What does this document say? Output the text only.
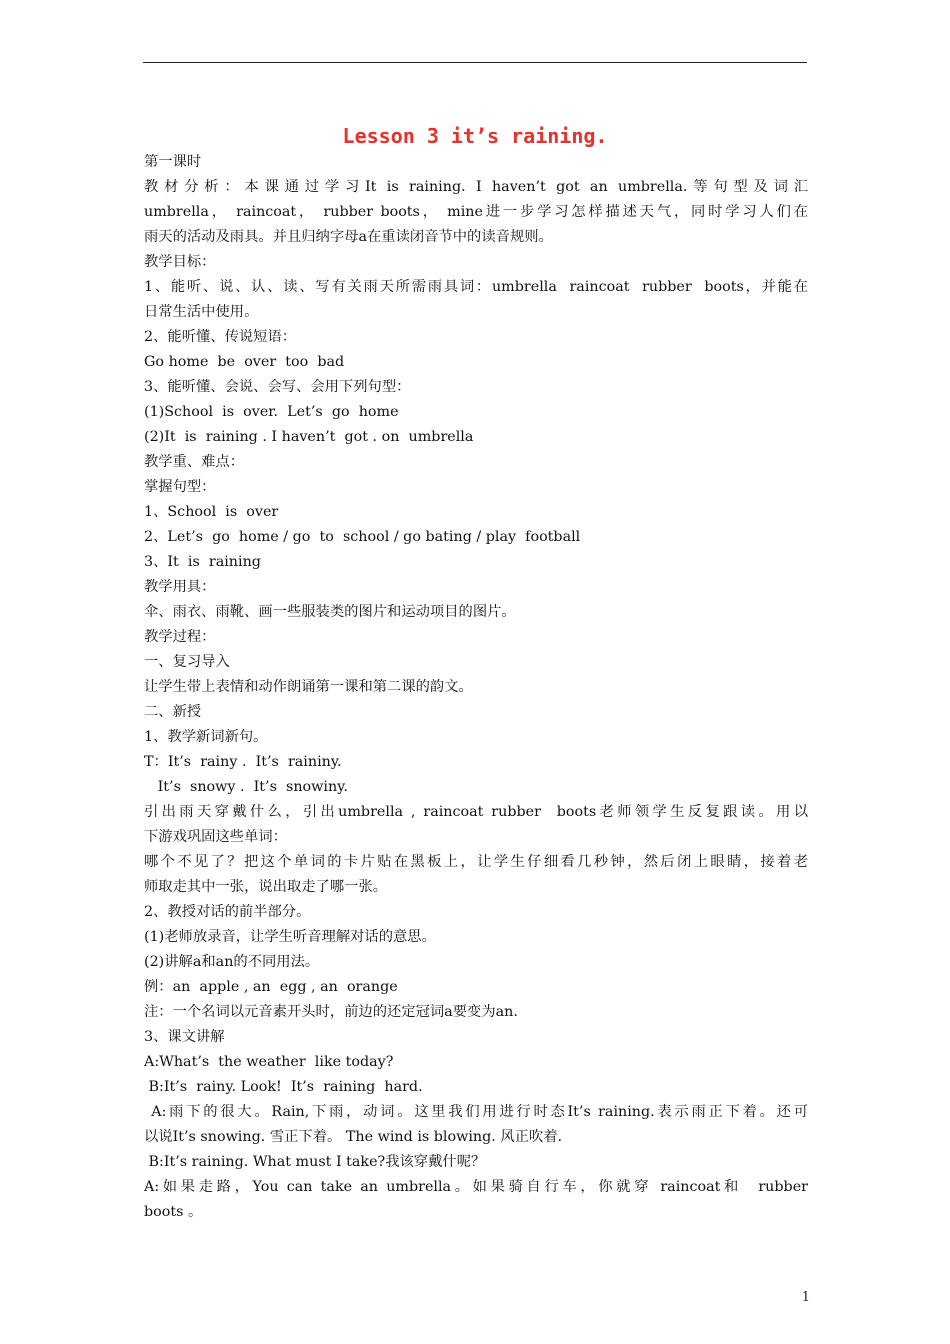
Lesson 3 it’s raining.
第一课时
教材分析：本课通过学习It is raining. I haven’t got an umbrella.等句型及词汇
umbrella， raincoat， rubber boots， mine进一步学习怎样描述天气，同时学习人们在
雨天的活动及雨具。并且归纳字母a在重读闭音节中的读音规则。
教学目标：
1、能听、说、认、读、写有关雨天所需雨具词：umbrella  raincoat  rubber  boots，并能在
日常生活中使用。
2、能听懂、传说短语：
Go home  be  over  too  bad
3、能听懂、会说、会写、会用下列句型：
(1)School  is  over.  Let’s  go  home
(2)It  is  raining . I haven’t  got . on  umbrella
教学重、难点：
掌握句型：
1、School  is  over
2、Let’s  go  home / go  to  school / go bating / play  football
3、It  is  raining
教学用具：
伞、雨衣、雨靴、画一些服装类的图片和运动项目的图片。
教学过程：
一、复习导入
让学生带上表情和动作朗诵第一课和第二课的韵文。
二、新授
1、教学新词新句。
T：It’s  rainy .  It’s  raininy.
It’s  snowy .  It’s  snowiny.
引出雨天穿戴什么，引出umbrella , raincoat rubber  boots老师领学生反复跟读。用以
下游戏巩固这些单词：
哪个不见了？把这个单词的卡片贴在黑板上，让学生仔细看几秒钟，然后闭上眼睛，接着老
师取走其中一张，说出取走了哪一张。
2、教授对话的前半部分。
(1)老师放录音，让学生听音理解对话的意思。
(2)讲解a和an的不同用法。
例：an  apple , an  egg , an  orange
注：一个名词以元音素开头时，前边的还定冠词a要变为an.
3、课文讲解
A:What’s  the weather  like today?
B:It’s  rainy. Look!  It’s  raining  hard.
A:雨下的很大。Rain,下雨，动词。这里我们用进行时态It’s raining.表示雨正下着。还可
以说It’s snowing. 雪正下着。 The wind is blowing. 风正吹着.
B:It’s raining. What must I take?我该穿戴什呢？
A:如果走路，You can take an umbrella。如果骑自行车，你就穿 raincoat和  rubber
boots 。
1
